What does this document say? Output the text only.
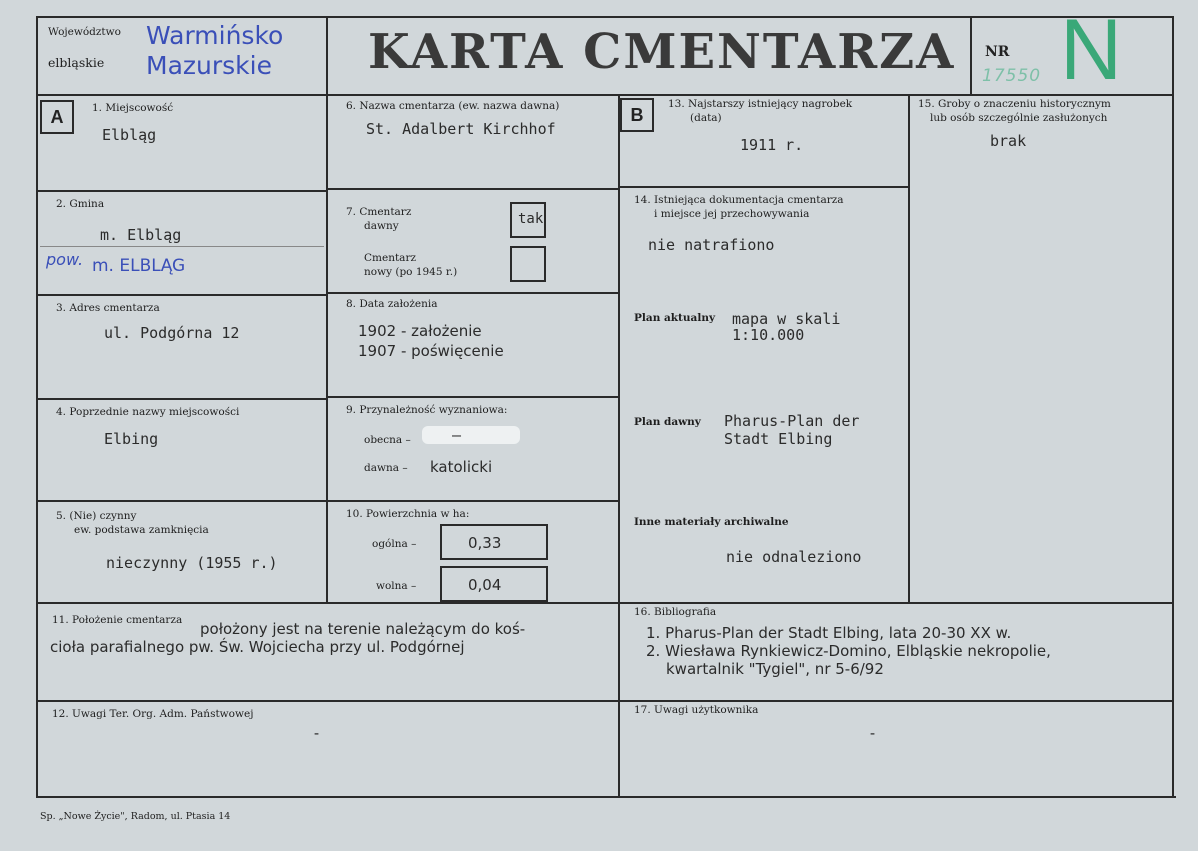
Województwo
elbląskie
Warmińsko
Mazurskie KARTA CMENTARZA NR
17550 N
A	B
1. Miejscowość
Elbląg
2. Gmina
m. Elbląg
pow. m. ELBLĄG
3. Adres cmentarza
ul. Podgórna 12
4. Poprzednie nazwy miejscowości
Elbing
5. (Nie) czynny
ew. podstawa zamknięcia
nieczynny (1955 r.)
6. Nazwa cmentarza (ew. nazwa dawna)
St. Adalbert Kirchhof
7. Cmentarz
dawny	tak
Cmentarz
nowy (po 1945 r.)
8. Data założenia
1902 - założenie
1907 - poświęcenie
9. Przynależność wyznaniowa:
obecna –	—
dawna – katolicki
10. Powierzchnia w ha:
ogólna –	0,33
wolna –	0,04
13. Najstarszy istniejący nagrobek
(data)
1911 r.
14. Istniejąca dokumentacja cmentarza
i miejsce jej przechowywania
nie natrafiono
Plan aktualny mapa w skali
1:10.000
Plan dawny Pharus-Plan der
Stadt Elbing
Inne materiały archiwalne
nie odnaleziono
15. Groby o znaczeniu historycznym
lub osób szczególnie zasłużonych
brak
11. Położenie cmentarza położony jest na terenie należącym do koś-
cioła parafialnego pw. Św. Wojciecha przy ul. Podgórnej
16. Bibliografia
1. Pharus-Plan der Stadt Elbing, lata 20-30 XX w.
2. Wiesława Rynkiewicz-Domino, Elbląskie nekropolie,
kwartalnik "Tygiel", nr 5-6/92
12. Uwagi Ter. Org. Adm. Państwowej
-
17. Uwagi użytkownika
-
Sp. „Nowe Życie", Radom, ul. Ptasia 14
